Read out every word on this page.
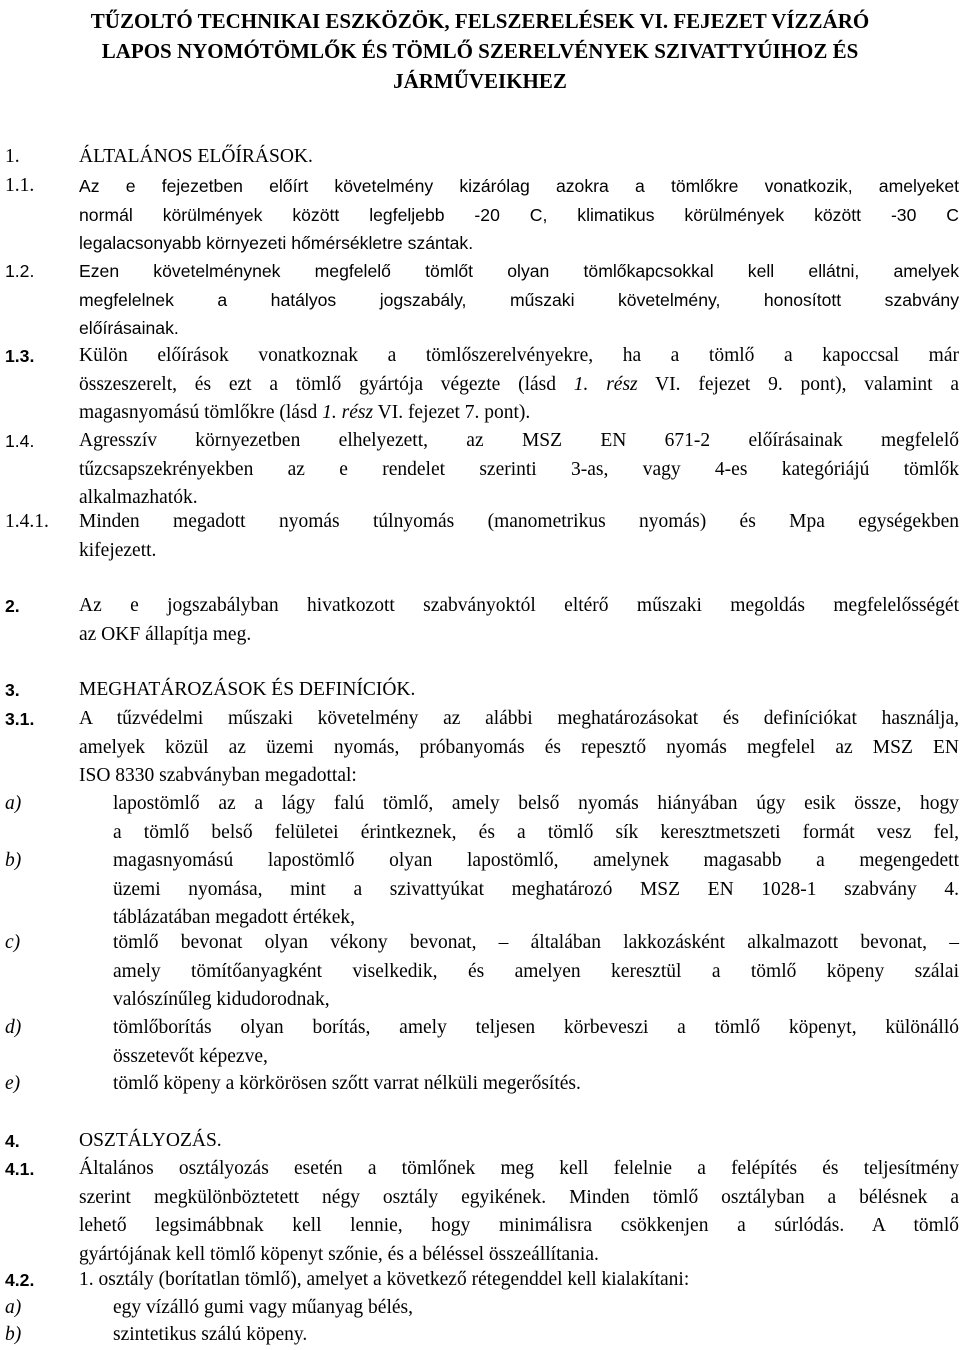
TŰZOLTÓ TECHNIKAI ESZKÖZÖK, FELSZERELÉSEK VI. FEJEZET VÍZZÁRÓ
LAPOS NYOMÓTÖMLŐK ÉS TÖMLŐ SZERELVÉNYEK SZIVATTYÚIHOZ ÉS
JÁRMŰVEIKHEZ
1.	ÁLTALÁNOS ELŐÍRÁSOK.
1.1.	Az e fejezetben előírt követelmény kizárólag azokra a tömlőkre vonatkozik, amelyeket
normál körülmények között legfeljebb -20 C, klimatikus körülmények között -30 C
legalacsonyabb környezeti hőmérsékletre szántak.
1.2.	Ezen követelménynek megfelelő tömlőt olyan tömlőkapcsokkal kell ellátni, amelyek
megfelelnek a hatályos jogszabály, műszaki követelmény, honosított szabvány
előírásainak.
1.3. Külön előírások vonatkoznak a tömlőszerelvényekre, ha a tömlő a kapoccsal már
összeszerelt, és ezt a tömlő gyártója végezte (lásd 1. rész VI. fejezet 9. pont), valamint a
magasnyomású tömlőkre (lásd 1. rész VI. fejezet 7. pont).
1.4. Agresszív környezetben elhelyezett, az MSZ EN 671-2 előírásainak megfelelő
tűzcsapszekrényekben az e rendelet szerinti 3-as, vagy 4-es kategóriájú tömlők
alkalmazhatók.
1.4.1. Minden megadott nyomás túlnyomás (manometrikus nyomás) és Mpa egységekben
kifejezett.
2.	Az e jogszabályban hivatkozott szabványoktól eltérő műszaki megoldás megfelelősségét
az OKF állapítja meg.
3.	MEGHATÁROZÁSOK ÉS DEFINÍCIÓK.
3.1. A tűzvédelmi műszaki követelmény az alábbi meghatározásokat és definíciókat használja,
amelyek közül az üzemi nyomás, próbanyomás és repesztő nyomás megfelel az MSZ EN
ISO 8330 szabványban megadottal:
a)	lapostömlő az a lágy falú tömlő, amely belső nyomás hiányában úgy esik össze, hogy
a tömlő belső felületei érintkeznek, és a tömlő sík keresztmetszeti formát vesz fel,
b)	magasnyomású lapostömlő olyan lapostömlő, amelynek magasabb a megengedett
üzemi nyomása, mint a szivattyúkat meghatározó MSZ EN 1028-1 szabvány 4.
táblázatában megadott értékek,
c)	tömlő bevonat olyan vékony bevonat, – általában lakkozásként alkalmazott bevonat, –
amely tömítőanyagként viselkedik, és amelyen keresztül a tömlő köpeny szálai
valószínűleg kidudorodnak,
d)	tömlőborítás olyan borítás, amely teljesen körbeveszi a tömlő köpenyt, különálló
összetevőt képezve,
e)	tömlő köpeny a körkörösen szőtt varrat nélküli megerősítés.
4.	OSZTÁLYOZÁS.
4.1. Általános osztályozás esetén a tömlőnek meg kell felelnie a felépítés és teljesítmény
szerint megkülönböztetett négy osztály egyikének. Minden tömlő osztályban a bélésnek a
lehető legsimábbnak kell lennie, hogy minimálisra csökkenjen a súrlódás. A tömlő
gyártójának kell tömlő köpenyt szőnie, és a béléssel összeállítania.
4.2. 1. osztály (borítatlan tömlő), amelyet a következő rétegenddel kell kialakítani:
a)	egy vízálló gumi vagy műanyag bélés,
b)	szintetikus szálú köpeny.
